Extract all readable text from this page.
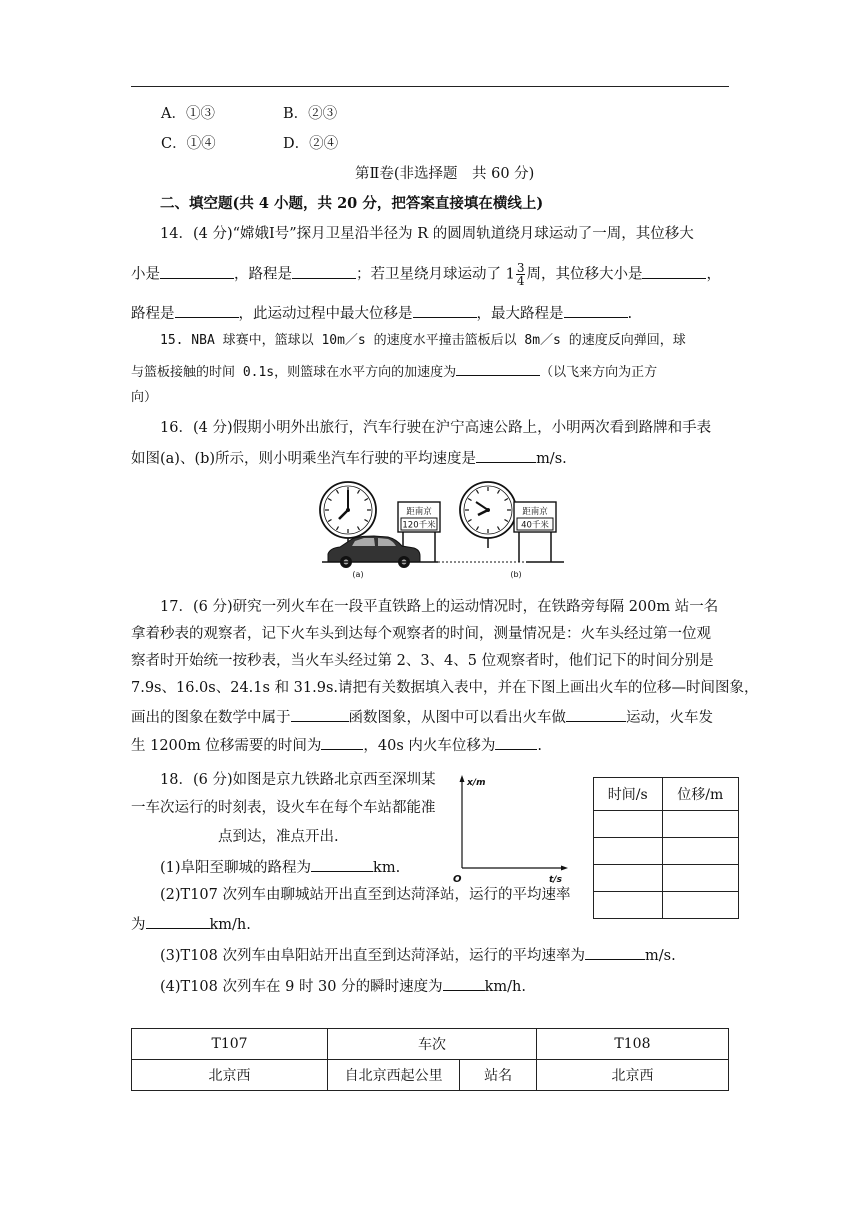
A．①③	B．②③
C．①④	D．②④
第Ⅱ卷(非选择题　共 60 分)
二、填空题(共 4 小题，共 20 分，把答案直接填在横线上)
14．(4 分)“嫦娥Ⅰ号”探月卫星沿半径为 R 的圆周轨道绕月球运动了一周，其位移大
小是	，路程是	；若卫星绕月球运动了 $1 \frac{3}{4}$ 周，其位移大小是	，
路程是	，此运动过程中最大位移是	，最大路程是	.
15. NBA 球赛中，篮球以 10m／s 的速度水平撞击篮板后以 8m／s 的速度反向弹回，球
与篮板接触的时间 0.1s，则篮球在水平方向的加速度为	（以飞来方向为正方
向）
16．(4 分)假期小明外出旅行，汽车行驶在沪宁高速公路上，小明两次看到路牌和手表
如图(a)、(b)所示，则小明乘坐汽车行驶的平均速度是	m/s.
距南京
120千米
距南京
40千米
(a)	(b)
17．(6 分)研究一列火车在一段平直铁路上的运动情况时，在铁路旁每隔 200m 站一名
拿着秒表的观察者，记下火车头到达每个观察者的时间，测量情况是：火车头经过第一位观
察者时开始统一按秒表，当火车头经过第 2、3、4、5 位观察者时，他们记下的时间分别是
7.9s、16.0s、24.1s 和 31.9s.请把有关数据填入表中，并在下图上画出火车的位移—时间图象，
画出的图象在数学中属于	函数图象，从图中可以看出火车做	运动，火车发
生 1200m 位移需要的时间为	，40s 内火车位移为	.
18．(6 分)如图是京九铁路北京西至深圳某
一车次运行的时刻表，设火车在每个车站都能准
点到达，准点开出.
(1)阜阳至聊城的路程为	km.
(2)T107 次列车由聊城站开出直至到达菏泽站，运行的平均速率
为	km/h.
(3)T108 次列车由阜阳站开出直至到达菏泽站，运行的平均速率为	m/s.
(4)T108 次列车在 9 时 30 分的瞬时速度为	km/h.
x/m
t/s
O
时间/s	位移/m

T107	车次		T108
北京西	自北京西起公里	站名	北京西
